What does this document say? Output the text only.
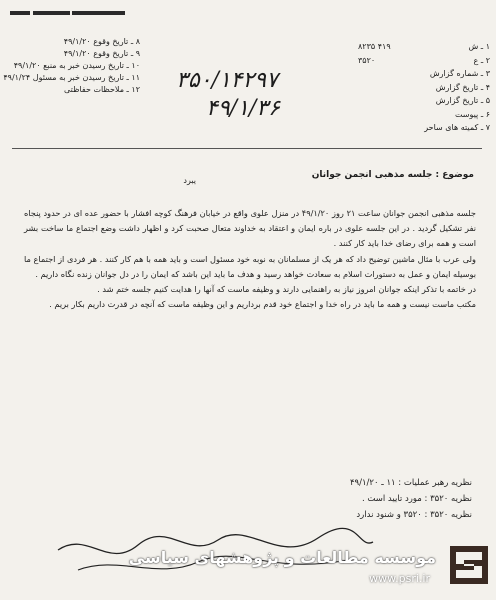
۱ ـ ش
۴۱۹ ۸۲۳۵
۲ ـ ع
۳۵۲۰
۳ ـ شماره گزارش
۴ ـ تاریخ گزارش
۵ ـ تاریخ گزارش
۶ ـ پیوست
۷ ـ کمیته های ساحر
۸ ـ تاریخ وقوع ۴۹/۱/۲۰
۹ ـ تاریخ وقوع ۴۹/۱/۲۰
۱۰ ـ تاریخ رسیدن خبر به منبع ۴۹/۱/۲۰
۱۱ ـ تاریخ رسیدن خبر به مسئول ۴۹/۱/۲۴
۱۲ ـ ملاحظات حفاظتی ۳۵۰/۱۴۲۹۷
۴۹/۱/۳۶
موضوع : جلسه مذهبی انجمن جوانان
یبرد

جلسه مذهبی انجمن جوانان ساعت ۲۱ روز ۴۹/۱/۲۰ در منزل علوی واقع در خیابان فرهنگ کوچه افشار با حضور عده ای در حدود پنجاه نفر تشکیل گردید . در این جلسه علوی در باره ایمان و اعتقاد به خداوند متعال صحبت کرد و اظهار داشت وضع اجتماع ما ساخت بشر است و همه برای رضای خدا باید کار کنند .

ولی عرب با مثال ماشین توضیح داد که هر یک از مسلمانان به نوبه خود مسئول است و باید همه با هم کار کنند . هر فردی از اجتماع ما بوسیله ایمان و عمل به دستورات اسلام به سعادت خواهد رسید و هدف ما باید این باشد که ایمان را در دل جوانان زنده نگاه داریم .

در خاتمه با تذکر اینکه جوانان امروز نیاز به راهنمایی دارند و وظیفه ماست که آنها را هدایت کنیم جلسه ختم شد .

مکتب ماست نیست و همه ما باید در راه خدا و اجتماع خود قدم برداریم و این وظیفه ماست که آنچه در قدرت داریم بکار بریم .

نظریه رهبر عملیات : ۱۱ ـ ۴۹/۱/۲۰
نظریه ۳۵۲۰ : مورد تایید است .
نظریه ۳۵۲۰ : ۳۵۲۰ و شنود ندارد
موسسه مطالعات و پژوهشهای سیاسی
www.psri.ir
